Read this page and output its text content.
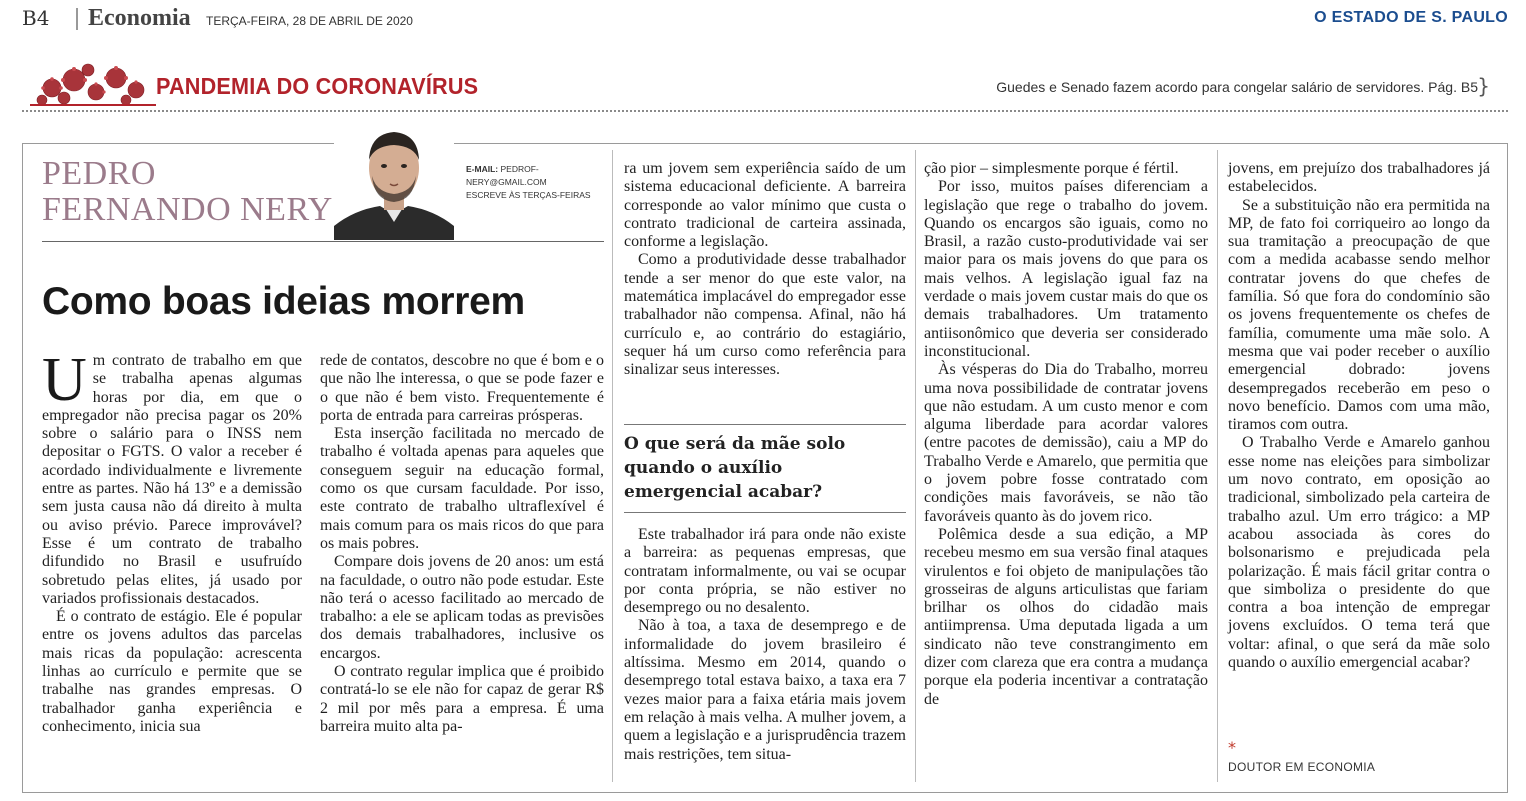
B4 Economia TERÇA-FEIRA, 28 DE ABRIL DE 2020	O ESTADO DE S. PAULO
PANDEMIA DO CORONAVÍRUS	Guedes e Senado fazem acordo para congelar salário de servidores. Pág. B5 }
PEDRO
FERNANDO NERY
E-MAIL: PEDROF-
NERY@GMAIL.COM
ESCREVE ÀS TERÇAS-FEIRAS
Como boas ideias morrem

Um contrato de trabalho em que se trabalha apenas algumas horas por dia, em que o empregador não precisa pagar os 20% sobre o salário para o INSS nem depositar o FGTS. O valor a receber é acordado individualmente e livremente entre as partes. Não há 13º e a demissão sem justa causa não dá direito à multa ou aviso prévio. Parece improvável? Esse é um contrato de trabalho difundido no Brasil e usufruído sobretudo pelas elites, já usado por variados profissionais destacados.

É o contrato de estágio. Ele é popular entre os jovens adultos das parcelas mais ricas da população: acrescenta linhas ao currículo e permite que se trabalhe nas grandes empresas. O trabalhador ganha experiência e conhecimento, inicia sua

rede de contatos, descobre no que é bom e o que não lhe interessa, o que se pode fazer e o que não é bem visto. Frequentemente é porta de entrada para carreiras prósperas.

Esta inserção facilitada no mercado de trabalho é voltada apenas para aqueles que conseguem seguir na educação formal, como os que cursam faculdade. Por isso, este contrato de trabalho ultraflexível é mais comum para os mais ricos do que para os mais pobres.

Compare dois jovens de 20 anos: um está na faculdade, o outro não pode estudar. Este não terá o acesso facilitado ao mercado de trabalho: a ele se aplicam todas as previsões dos demais trabalhadores, inclusive os encargos.

O contrato regular implica que é proibido contratá-lo se ele não for capaz de gerar R$ 2 mil por mês para a empresa. É uma barreira muito alta pa-

ra um jovem sem experiência saído de um sistema educacional deficiente. A barreira corresponde ao valor mínimo que custa o contrato tradicional de carteira assinada, conforme a legislação.

Como a produtividade desse trabalhador tende a ser menor do que este valor, na matemática implacável do empregador esse trabalhador não compensa. Afinal, não há currículo e, ao contrário do estagiário, sequer há um curso como referência para sinalizar seus interesses.

O que será da mãe solo quando o auxílio emergencial acabar?

Este trabalhador irá para onde não existe a barreira: as pequenas empresas, que contratam informalmente, ou vai se ocupar por conta própria, se não estiver no desemprego ou no desalento.

Não à toa, a taxa de desemprego e de informalidade do jovem brasileiro é altíssima. Mesmo em 2014, quando o desemprego total estava baixo, a taxa era 7 vezes maior para a faixa etária mais jovem em relação à mais velha. A mulher jovem, a quem a legislação e a jurisprudência trazem mais restrições, tem situa-

ção pior – simplesmente porque é fértil.

Por isso, muitos países diferenciam a legislação que rege o trabalho do jovem. Quando os encargos são iguais, como no Brasil, a razão custo-produtividade vai ser maior para os mais jovens do que para os mais velhos. A legislação igual faz na verdade o mais jovem custar mais do que os demais trabalhadores. Um tratamento antiisonômico que deveria ser considerado inconstitucional.

Às vésperas do Dia do Trabalho, morreu uma nova possibilidade de contratar jovens que não estudam. A um custo menor e com alguma liberdade para acordar valores (entre pacotes de demissão), caiu a MP do Trabalho Verde e Amarelo, que permitia que o jovem pobre fosse contratado com condições mais favoráveis, se não tão favoráveis quanto às do jovem rico.

Polêmica desde a sua edição, a MP recebeu mesmo em sua versão final ataques virulentos e foi objeto de manipulações tão grosseiras de alguns articulistas que fariam brilhar os olhos do cidadão mais antiimprensa. Uma deputada ligada a um sindicato não teve constrangimento em dizer com clareza que era contra a mudança porque ela poderia incentivar a contratação de

jovens, em prejuízo dos trabalhadores já estabelecidos.

Se a substituição não era permitida na MP, de fato foi corriqueiro ao longo da sua tramitação a preocupação de que com a medida acabasse sendo melhor contratar jovens do que chefes de família. Só que fora do condomínio são os jovens frequentemente os chefes de família, comumente uma mãe solo. A mesma que vai poder receber o auxílio emergencial dobrado: jovens desempregados receberão em peso o novo benefício. Damos com uma mão, tiramos com outra.

O Trabalho Verde e Amarelo ganhou esse nome nas eleições para simbolizar um novo contrato, em oposição ao tradicional, simbolizado pela carteira de trabalho azul. Um erro trágico: a MP acabou associada às cores do bolsonarismo e prejudicada pela polarização. É mais fácil gritar contra o que simboliza o presidente do que contra a boa intenção de empregar jovens excluídos. O tema terá que voltar: afinal, o que será da mãe solo quando o auxílio emergencial acabar?

*
DOUTOR EM ECONOMIA
